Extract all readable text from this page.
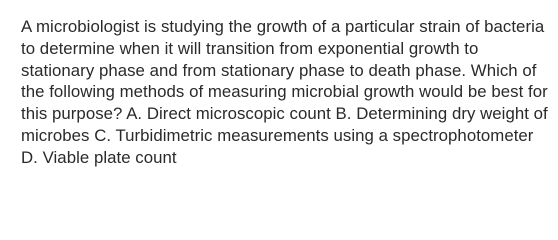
A microbiologist is studying the growth of a particular strain of bacteria to determine when it will transition from exponential growth to stationary phase and from stationary phase to death phase. Which of the following methods of measuring microbial growth would be best for this purpose? A. Direct microscopic count B. Determining dry weight of microbes C. Turbidimetric measurements using a spectrophotometer D. Viable plate count
